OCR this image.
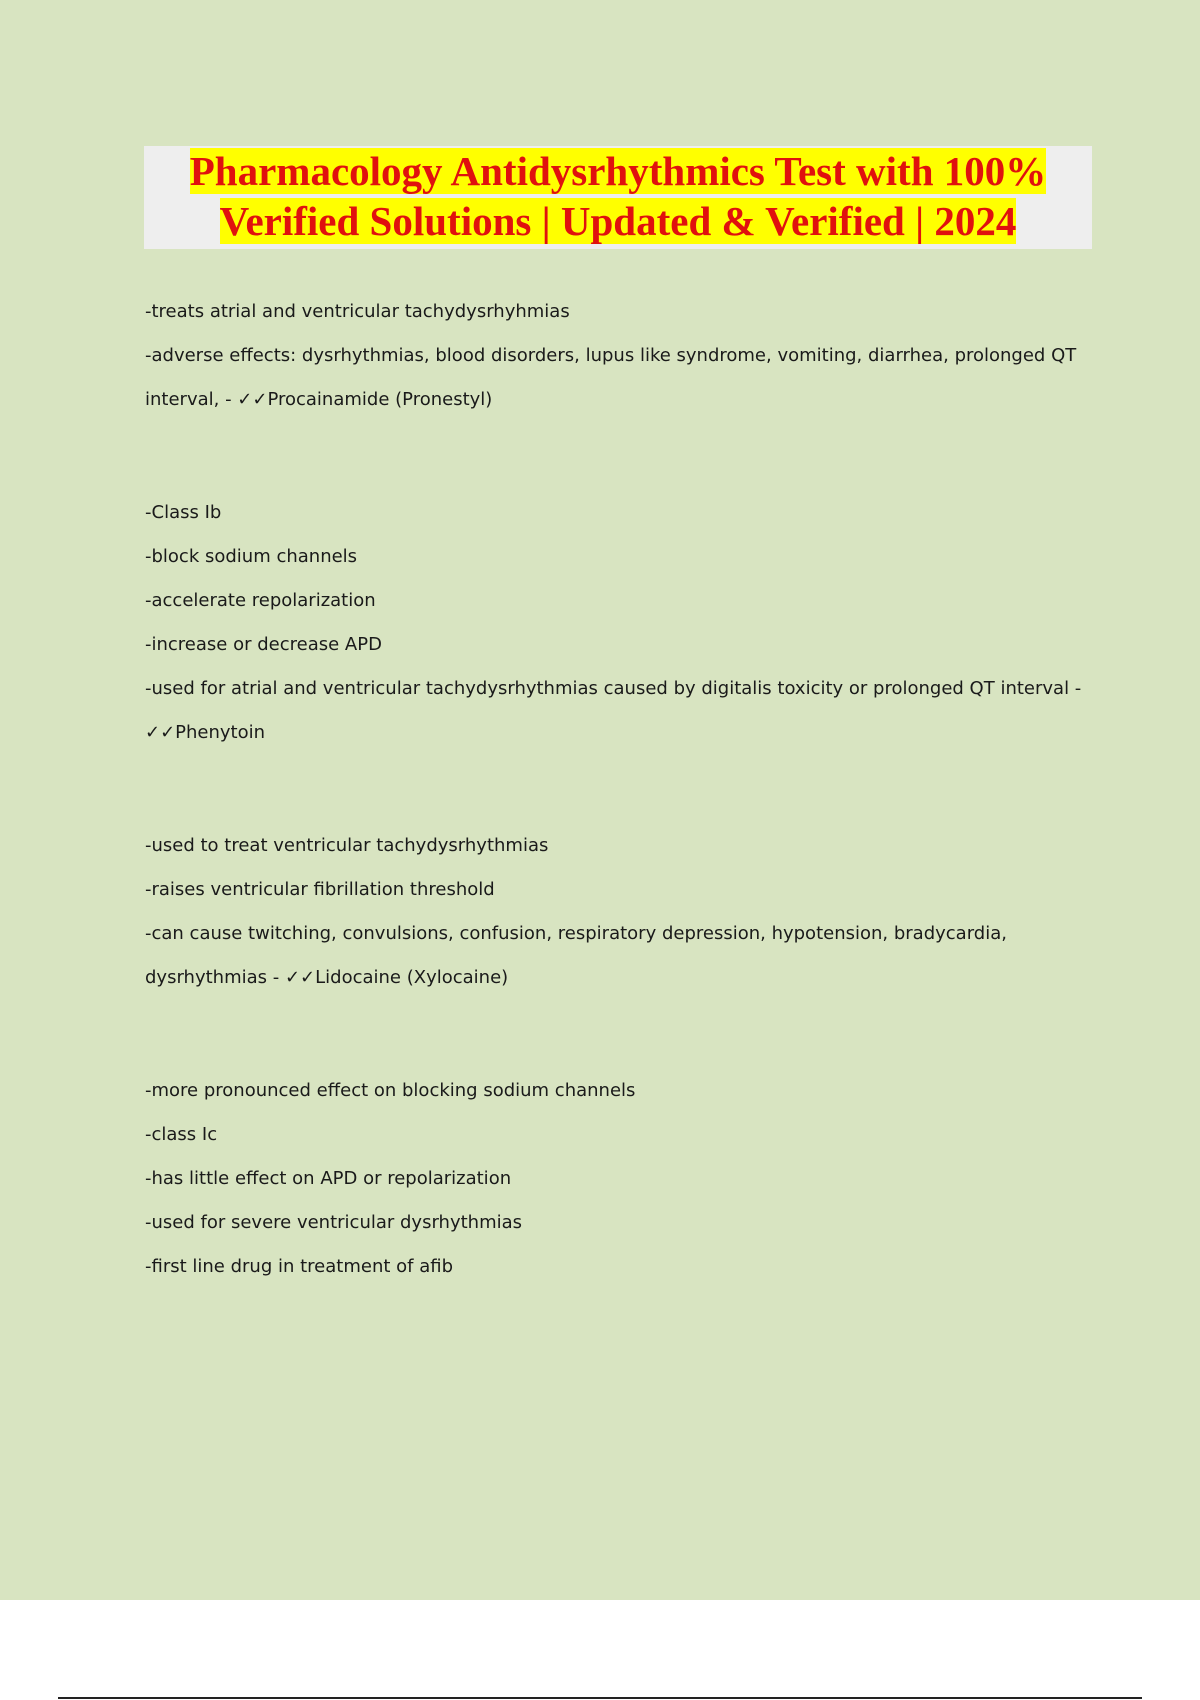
Pharmacology Antidysrhythmics Test with 100%
Verified Solutions | Updated & Verified | 2024

-treats atrial and ventricular tachydysrhyhmias

-adverse effects: dysrhythmias, blood disorders, lupus like syndrome, vomiting, diarrhea, prolonged QT interval, - ✓✓Procainamide (Pronestyl)

-Class Ib

-block sodium channels

-accelerate repolarization

-increase or decrease APD

-used for atrial and ventricular tachydysrhythmias caused by digitalis toxicity or prolonged QT interval - ✓✓Phenytoin

-used to treat ventricular tachydysrhythmias

-raises ventricular fibrillation threshold

-can cause twitching, convulsions, confusion, respiratory depression, hypotension, bradycardia, dysrhythmias - ✓✓Lidocaine (Xylocaine)

-more pronounced effect on blocking sodium channels

-class Ic

-has little effect on APD or repolarization

-used for severe ventricular dysrhythmias

-first line drug in treatment of afib
